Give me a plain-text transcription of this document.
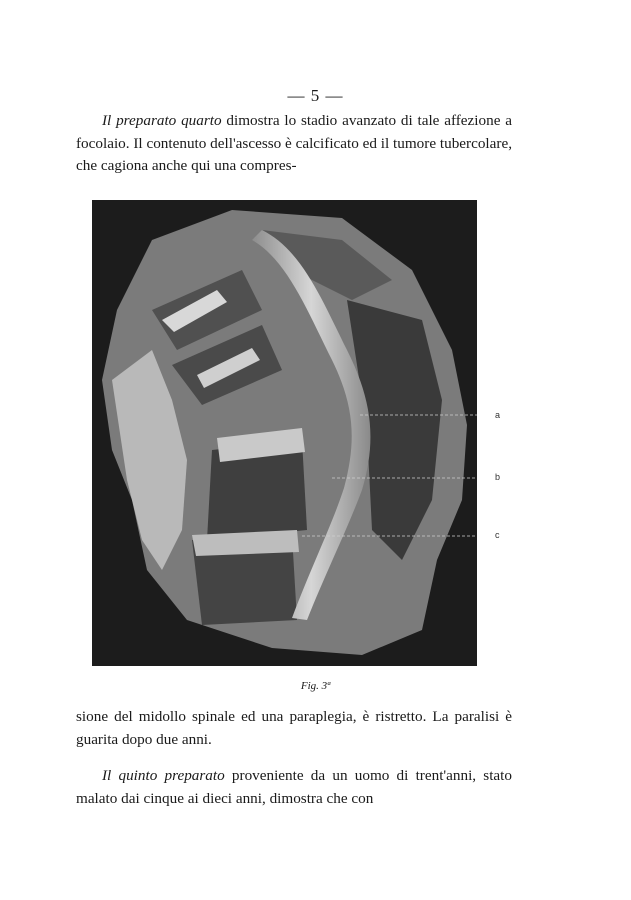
— 5 —

Il preparato quarto dimostra lo stadio avanzato di tale affezione a focolaio. Il contenuto dell'ascesso è calcificato ed il tumore tubercolare, che cagiona anche qui una compres-

a
b
c
Fig. 3ª

sione del midollo spinale ed una paraplegia, è ristretto. La paralisi è guarita dopo due anni.

Il quinto preparato proveniente da un uomo di trent'anni, stato malato dai cinque ai dieci anni, dimostra che con
